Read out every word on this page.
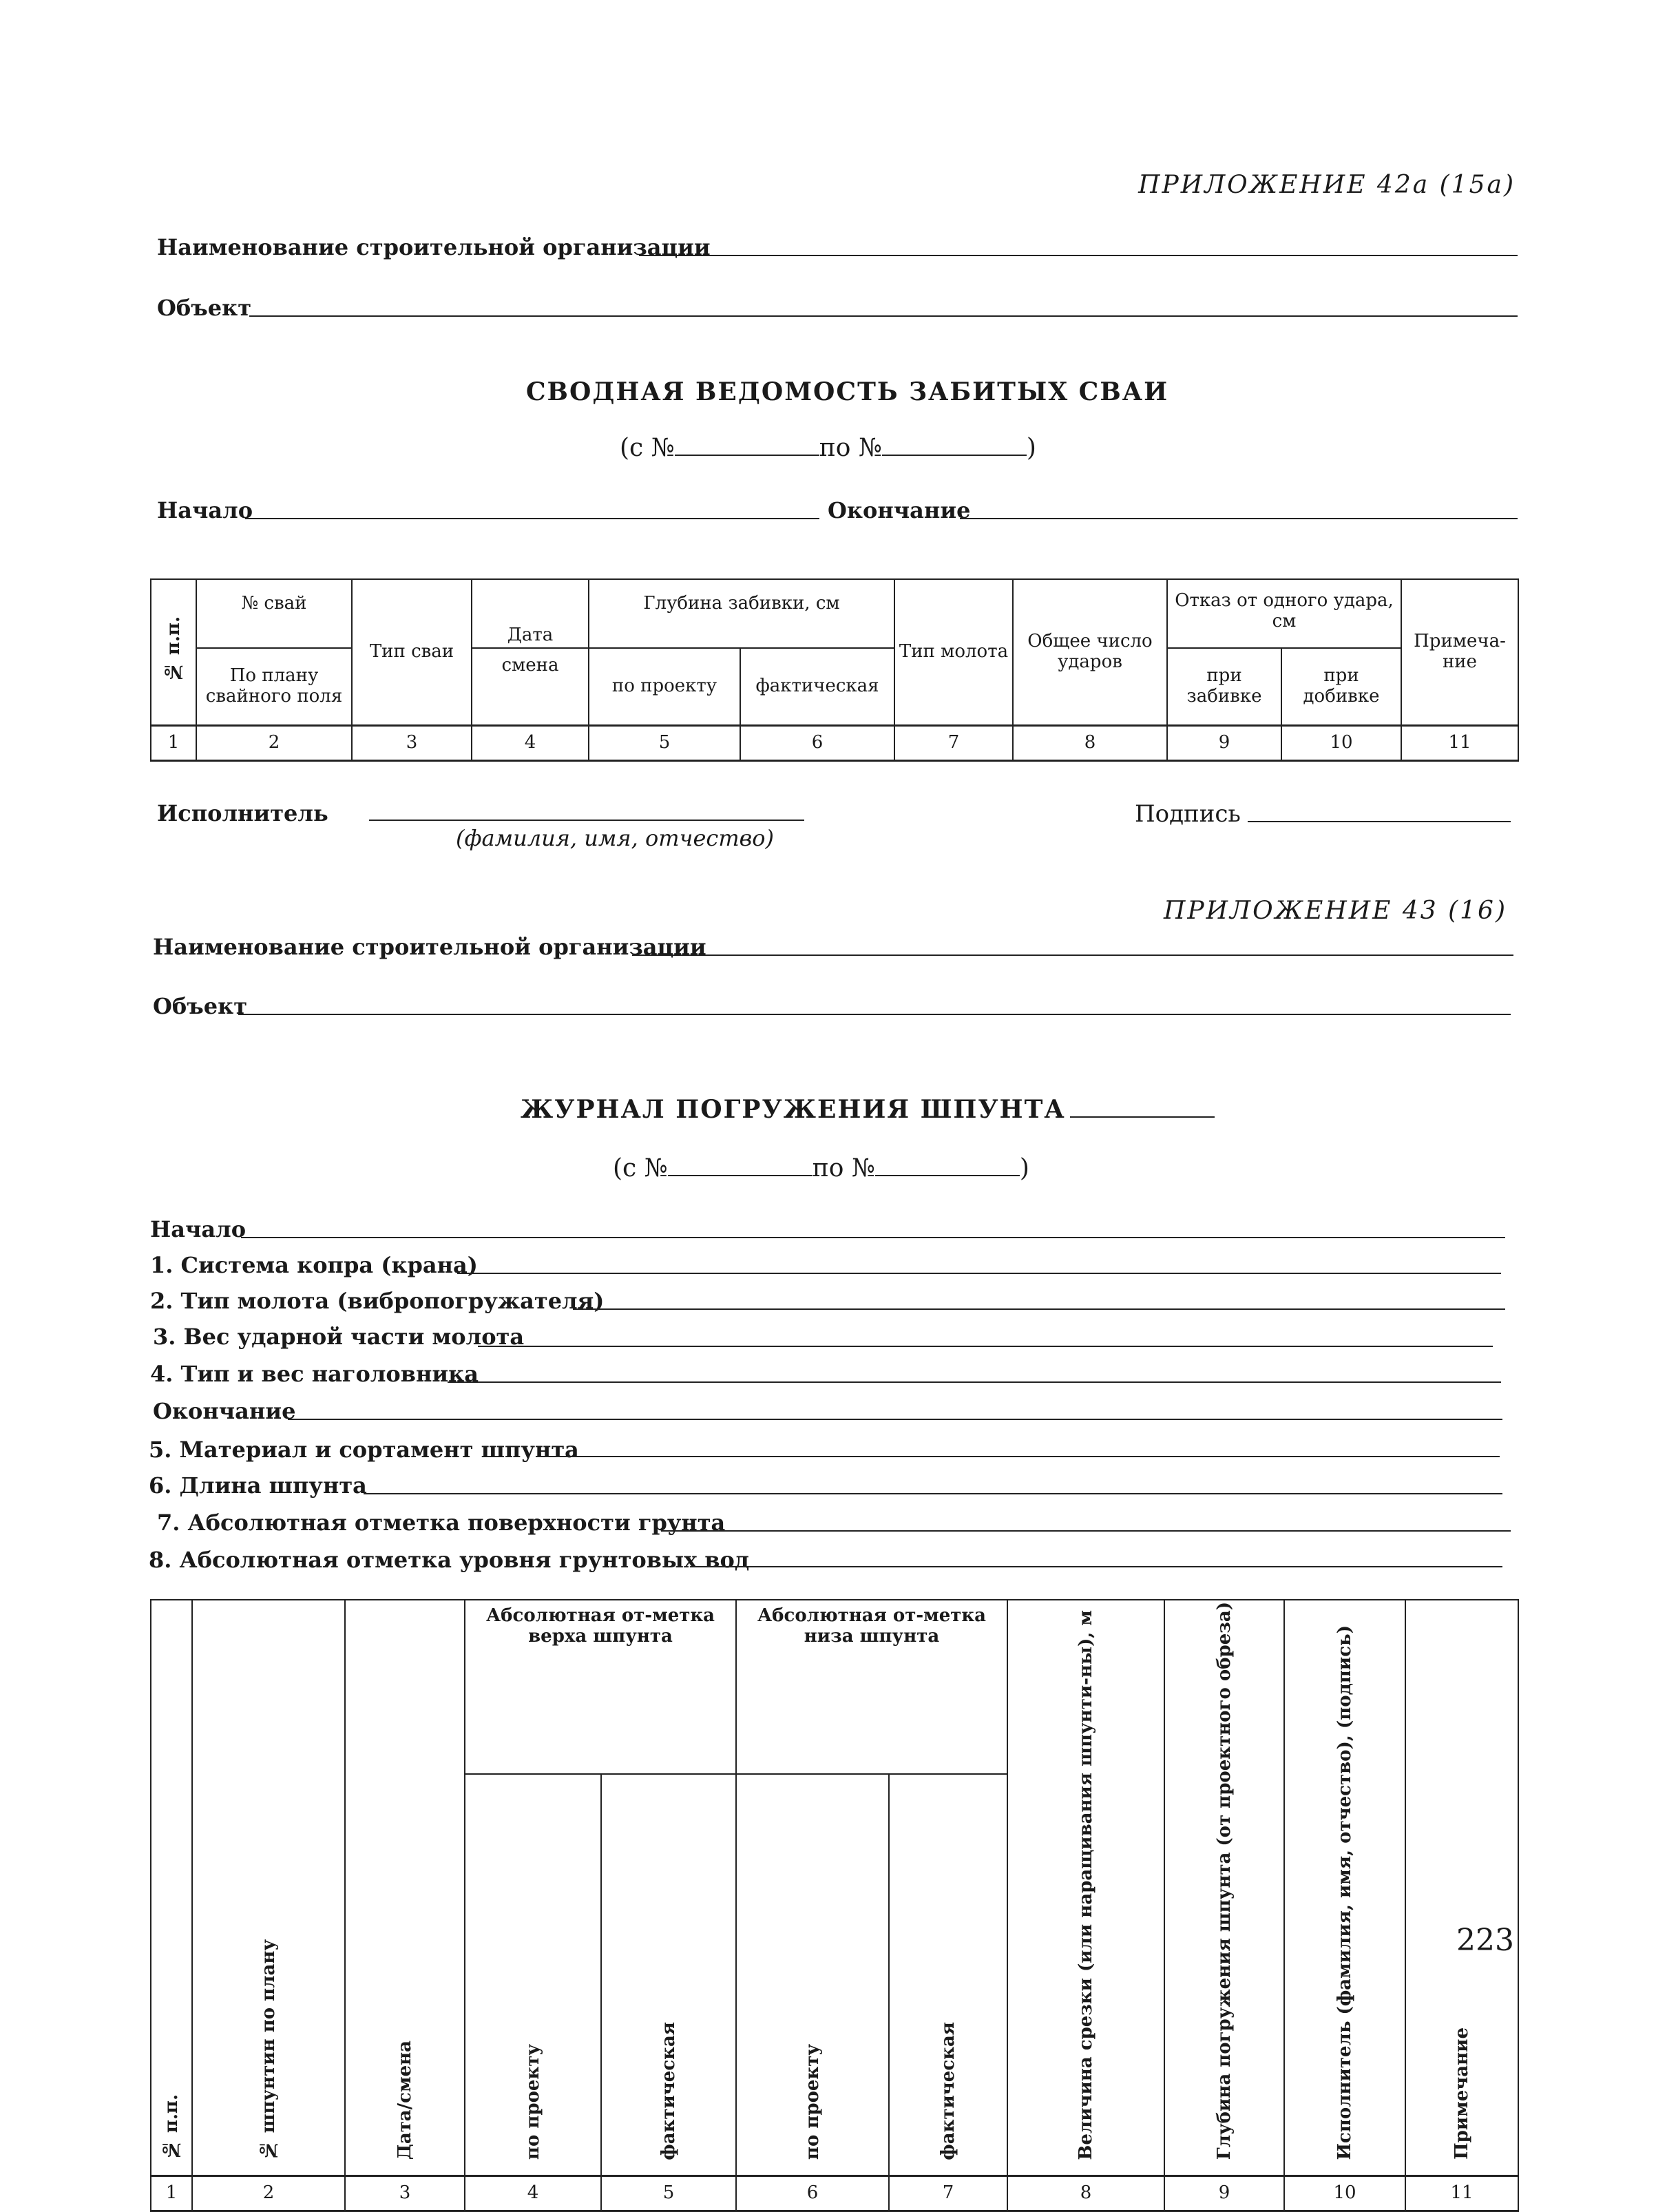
ПРИЛОЖЕНИЕ 42а (15а)
Наименование строительной организации
Объект
СВОДНАЯ ВЕДОМОСТЬ ЗАБИТЫХ СВАИ
(с №	по №	)
Начало	Окончание
№ п.п.	№ свай	Тип сваи	Дата	Глубина забивки, см		Тип молота	Общее число ударов	Отказ от одного удара, см		Примеча-ние
	По плану свайного поля		смена	по проекту	фактическая			при забивке	при добивке	
1	2	3	4	5	6	7	8	9	10	11
Исполнитель
(фамилия, имя, отчество)
Подпись
ПРИЛОЖЕНИЕ 43 (16)
Наименование строительной организации
Объект
ЖУРНАЛ ПОГРУЖЕНИЯ ШПУНТА
(с №	по №	)
Начало
1. Система копра (крана)
2. Тип молота (вибропогружателя)
3. Вес ударной части молота
4. Тип и вес наголовника
Окончание
5. Материал и сортамент шпунта
6. Длина шпунта
7. Абсолютная отметка поверхности грунта
8. Абсолютная отметка уровня грунтовых вод
№ п.п.	№ шпунтин по плану	Дата/смена	Абсолютная от-метка верха шпунта		Абсолютная от-метка низа шпунта		Величина срезки (или наращивания шпунти-ны), м	Глубина погружения шпунта (от проектного обреза)	Исполнитель (фамилия, имя, отчество), (подпись)	Примечание
			по проекту	фактическая	по проекту	фактическая				
1	2	3	4	5	6	7	8	9	10	11
223
